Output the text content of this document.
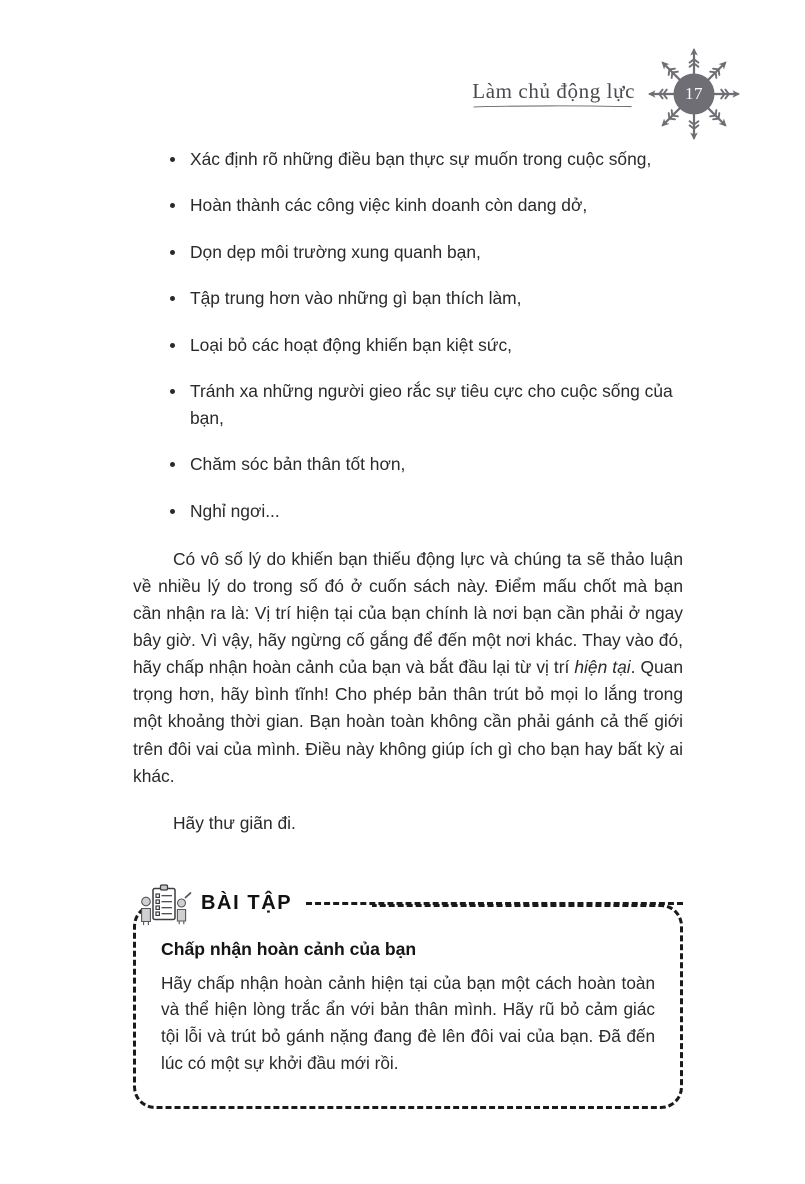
Làm chủ động lực	17
Xác định rõ những điều bạn thực sự muốn trong cuộc sống,
Hoàn thành các công việc kinh doanh còn dang dở,
Dọn dẹp môi trường xung quanh bạn,
Tập trung hơn vào những gì bạn thích làm,
Loại bỏ các hoạt động khiến bạn kiệt sức,
Tránh xa những người gieo rắc sự tiêu cực cho cuộc sống của bạn,
Chăm sóc bản thân tốt hơn,
Nghỉ ngơi...

Có vô số lý do khiến bạn thiếu động lực và chúng ta sẽ thảo luận về nhiều lý do trong số đó ở cuốn sách này. Điểm mấu chốt mà bạn cần nhận ra là: Vị trí hiện tại của bạn chính là nơi bạn cần phải ở ngay bây giờ. Vì vậy, hãy ngừng cố gắng để đến một nơi khác. Thay vào đó, hãy chấp nhận hoàn cảnh của bạn và bắt đầu lại từ vị trí hiện tại. Quan trọng hơn, hãy bình tĩnh! Cho phép bản thân trút bỏ mọi lo lắng trong một khoảng thời gian. Bạn hoàn toàn không cần phải gánh cả thế giới trên đôi vai của mình. Điều này không giúp ích gì cho bạn hay bất kỳ ai khác.

Hãy thư giãn đi.

BÀI TẬP
Chấp nhận hoàn cảnh của bạn

Hãy chấp nhận hoàn cảnh hiện tại của bạn một cách hoàn toàn và thể hiện lòng trắc ẩn với bản thân mình. Hãy rũ bỏ cảm giác tội lỗi và trút bỏ gánh nặng đang đè lên đôi vai của bạn. Đã đến lúc có một sự khởi đầu mới rồi.
